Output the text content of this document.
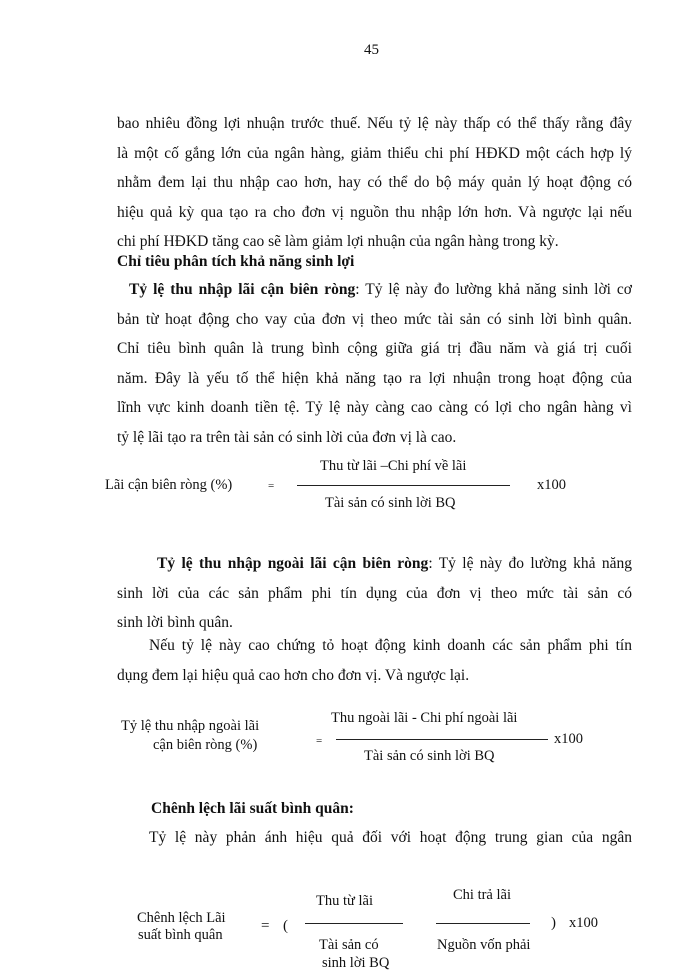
45
bao nhiêu đồng lợi nhuận trước thuế. Nếu tỷ lệ này thấp có thể thấy rằng đây
là một cố gắng lớn của ngân hàng, giảm thiểu chi phí HĐKD một cách hợp lý
nhằm đem lại thu nhập cao hơn, hay có thể do bộ máy quản lý hoạt động có
hiệu quả kỳ qua tạo ra cho đơn vị nguồn thu nhập lớn hơn. Và ngược lại nếu
chi phí HĐKD tăng cao sẽ làm giảm lợi nhuận của ngân hàng trong kỳ.
Chỉ tiêu phân tích khả năng sinh lợi
Tỷ lệ thu nhập lãi cận biên ròng: Tỷ lệ này đo lường khả năng sinh lời cơ
bản từ hoạt động cho vay của đơn vị theo mức tài sản có sinh lời bình quân.
Chỉ tiêu bình quân là trung bình cộng giữa giá trị đầu năm và giá trị cuối
năm. Đây là yếu tố thể hiện khả năng tạo ra lợi nhuận trong hoạt động của
lĩnh vực kinh doanh tiền tệ. Tỷ lệ này càng cao càng có lợi cho ngân hàng vì
tỷ lệ lãi tạo ra trên tài sản có sinh lời của đơn vị là cao.
Lãi cận biên ròng (%)	=
Thu từ lãi –Chi phí về lãi
Tài sản có sinh lời BQ
x100
Tỷ lệ thu nhập ngoài lãi cận biên ròng: Tỷ lệ này đo lường khả năng
sinh lời của các sản phẩm phi tín dụng của đơn vị theo mức tài sản có
sinh lời bình quân.
Nếu tỷ lệ này cao chứng tỏ hoạt động kinh doanh các sản phẩm phi tín
dụng đem lại hiệu quả cao hơn cho đơn vị. Và ngược lại.
Tỷ lệ thu nhập ngoài lãi
cận biên ròng (%)	=
Thu ngoài lãi - Chi phí ngoài lãi
Tài sản có sinh lời BQ
x100
Chênh lệch lãi suất bình quân:
Tỷ lệ này phản ánh hiệu quả đối với hoạt động trung gian của ngân
Chênh lệch Lãi
suất bình quân
= (
Thu từ lãi
Tài sản có
sinh lời BQ
Chi trả lãi
Nguồn vốn phải
) x100
